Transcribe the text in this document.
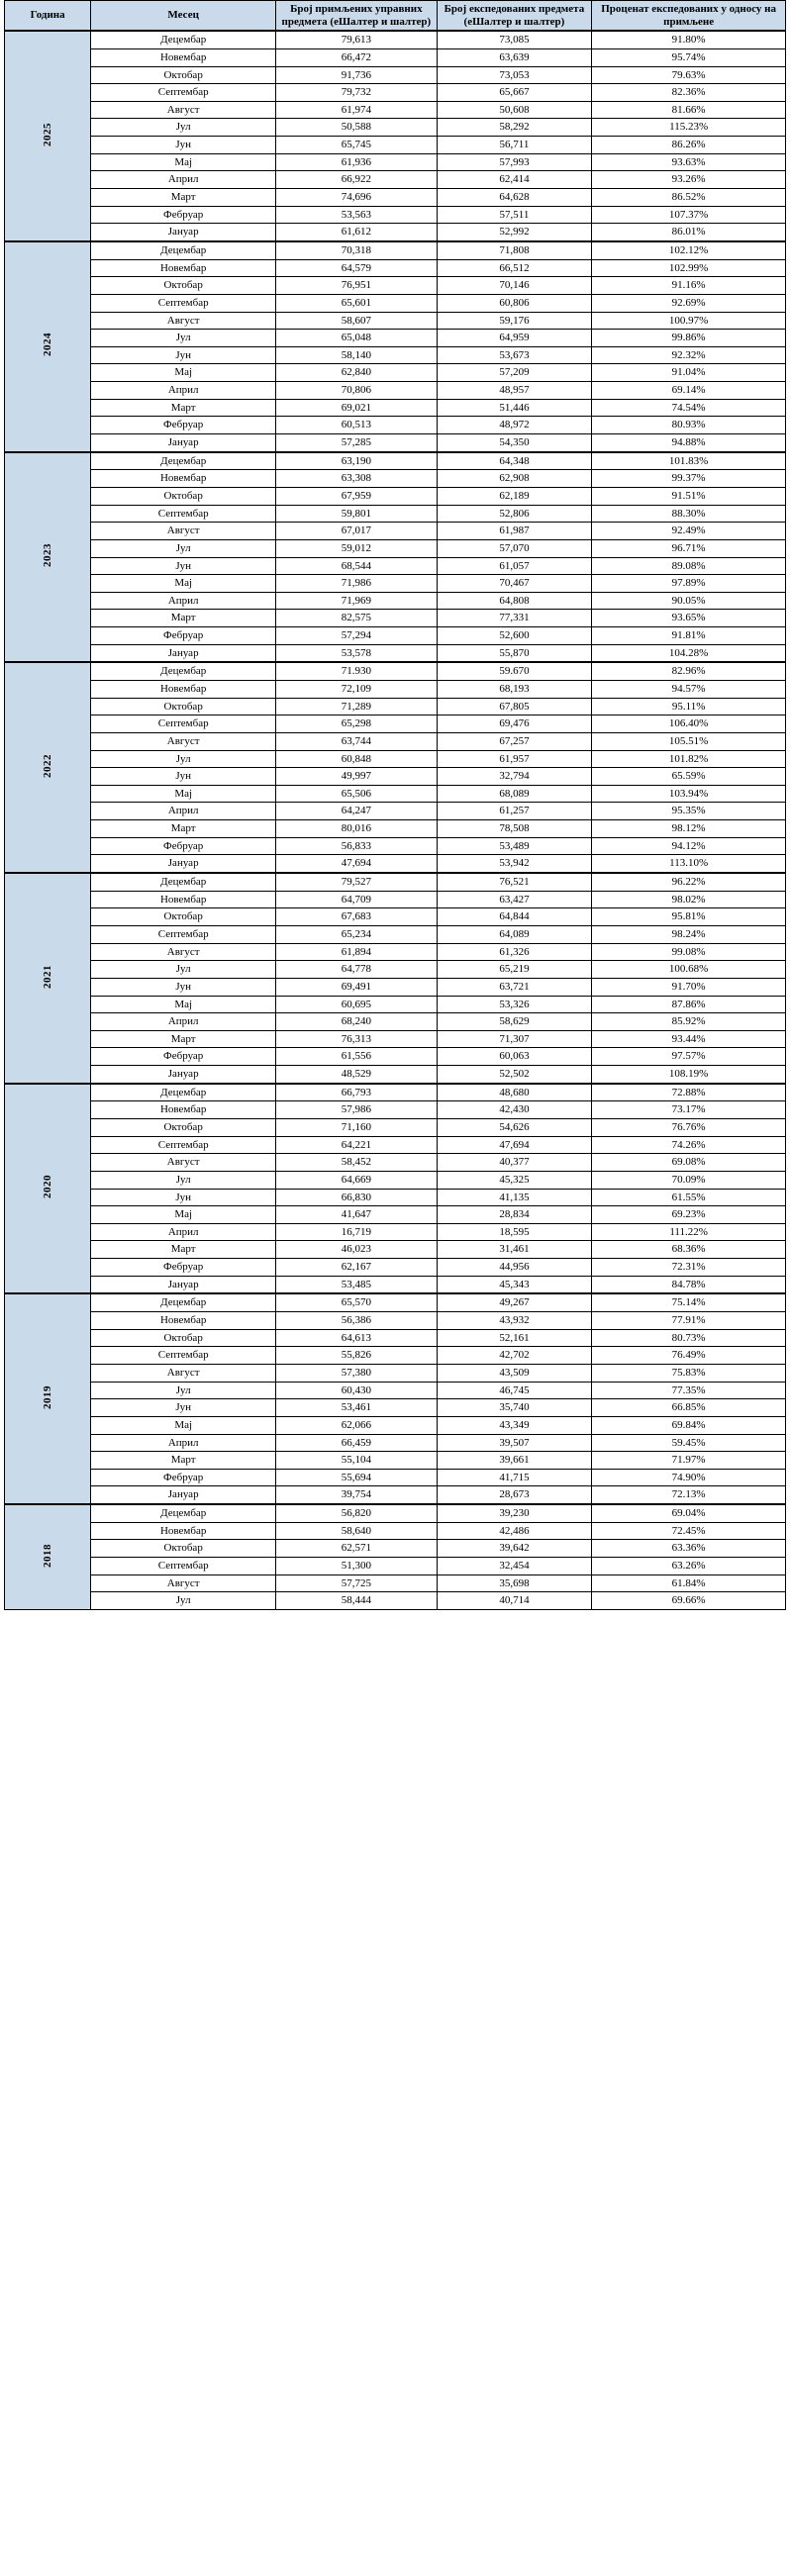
Година	Месец	Број примљених управних предмета (еШалтер и шалтер)	Број експедованих предмета (еШалтер и шалтер)	Проценат експедованих у односу на примљене
2025	Децембар	79,613	73,085	91.80%
	Новембар	66,472	63,639	95.74%
	Октобар	91,736	73,053	79.63%
	Септембар	79,732	65,667	82.36%
	Август	61,974	50,608	81.66%
	Јул	50,588	58,292	115.23%
	Јун	65,745	56,711	86.26%
	Мај	61,936	57,993	93.63%
	Април	66,922	62,414	93.26%
	Март	74,696	64,628	86.52%
	Фебруар	53,563	57,511	107.37%
	Јануар	61,612	52,992	86.01%
2024	Децембар	70,318	71,808	102.12%
	Новембар	64,579	66,512	102.99%
	Октобар	76,951	70,146	91.16%
	Септембар	65,601	60,806	92.69%
	Август	58,607	59,176	100.97%
	Јул	65,048	64,959	99.86%
	Јун	58,140	53,673	92.32%
	Мај	62,840	57,209	91.04%
	Април	70,806	48,957	69.14%
	Март	69,021	51,446	74.54%
	Фебруар	60,513	48,972	80.93%
	Јануар	57,285	54,350	94.88%
2023	Децембар	63,190	64,348	101.83%
	Новембар	63,308	62,908	99.37%
	Октобар	67,959	62,189	91.51%
	Септембар	59,801	52,806	88.30%
	Август	67,017	61,987	92.49%
	Јул	59,012	57,070	96.71%
	Јун	68,544	61,057	89.08%
	Мај	71,986	70,467	97.89%
	Април	71,969	64,808	90.05%
	Март	82,575	77,331	93.65%
	Фебруар	57,294	52,600	91.81%
	Јануар	53,578	55,870	104.28%
2022	Децембар	71.930	59.670	82.96%
	Новембар	72,109	68,193	94.57%
	Октобар	71,289	67,805	95.11%
	Септембар	65,298	69,476	106.40%
	Август	63,744	67,257	105.51%
	Јул	60,848	61,957	101.82%
	Јун	49,997	32,794	65.59%
	Мај	65,506	68,089	103.94%
	Април	64,247	61,257	95.35%
	Март	80,016	78,508	98.12%
	Фебруар	56,833	53,489	94.12%
	Јануар	47,694	53,942	113.10%
2021	Децембар	79,527	76,521	96.22%
	Новембар	64,709	63,427	98.02%
	Октобар	67,683	64,844	95.81%
	Септембар	65,234	64,089	98.24%
	Август	61,894	61,326	99.08%
	Јул	64,778	65,219	100.68%
	Јун	69,491	63,721	91.70%
	Мај	60,695	53,326	87.86%
	Април	68,240	58,629	85.92%
	Март	76,313	71,307	93.44%
	Фебруар	61,556	60,063	97.57%
	Јануар	48,529	52,502	108.19%
2020	Децембар	66,793	48,680	72.88%
	Новембар	57,986	42,430	73.17%
	Октобар	71,160	54,626	76.76%
	Септембар	64,221	47,694	74.26%
	Август	58,452	40,377	69.08%
	Јул	64,669	45,325	70.09%
	Јун	66,830	41,135	61.55%
	Мај	41,647	28,834	69.23%
	Април	16,719	18,595	111.22%
	Март	46,023	31,461	68.36%
	Фебруар	62,167	44,956	72.31%
	Јануар	53,485	45,343	84.78%
2019	Децембар	65,570	49,267	75.14%
	Новембар	56,386	43,932	77.91%
	Октобар	64,613	52,161	80.73%
	Септембар	55,826	42,702	76.49%
	Август	57,380	43,509	75.83%
	Јул	60,430	46,745	77.35%
	Јун	53,461	35,740	66.85%
	Мај	62,066	43,349	69.84%
	Април	66,459	39,507	59.45%
	Март	55,104	39,661	71.97%
	Фебруар	55,694	41,715	74.90%
	Јануар	39,754	28,673	72.13%
2018	Децембар	56,820	39,230	69.04%
	Новембар	58,640	42,486	72.45%
	Октобар	62,571	39,642	63.36%
	Септембар	51,300	32,454	63.26%
	Август	57,725	35,698	61.84%
	Јул	58,444	40,714	69.66%
